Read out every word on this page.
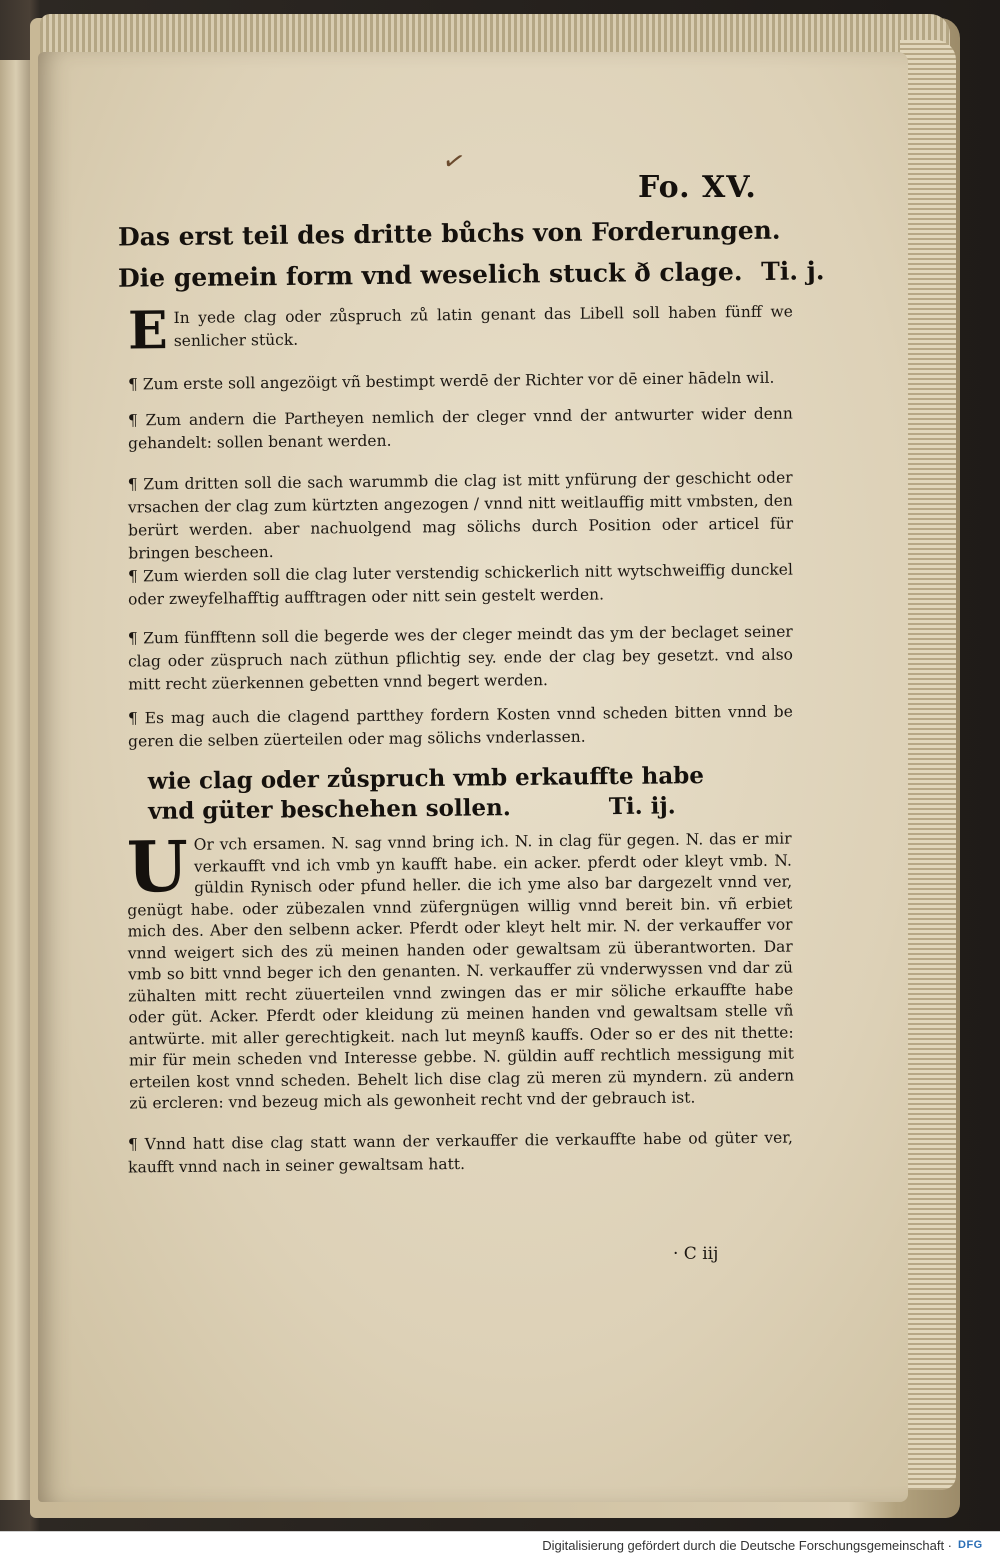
✓
Fo. XV.
Das erst teil des dritte bůchs von Forderungen.
Die gemein form vnd weselich stuck ð clage. Ti. j.
E In yede clag oder zůspruch zů latin genant das Libell soll haben fünff we senlicher stück.
¶ Zum erste soll angezöigt vñ bestimpt werdē der Richter vor dē einer hādeln wil.
¶ Zum andern die Partheyen nemlich der cleger vnnd der antwurter wider denn gehandelt: sollen benant werden.
¶ Zum dritten soll die sach warummb die clag ist mitt ynfürung der geschicht oder vrsachen der clag zum kürtzten angezogen / vnnd nitt weitlauffig mitt vmbsten, den berürt werden. aber nachuolgend mag sölichs durch Position oder articel für bringen bescheen.
¶ Zum wierden soll die clag luter verstendig schickerlich nitt wytschweiffig dunckel oder zweyfelhafftig aufftragen oder nitt sein gestelt werden.
¶ Zum fünfftenn soll die begerde wes der cleger meindt das ym der beclaget seiner clag oder züspruch nach züthun pflichtig sey. ende der clag bey gesetzt. vnd also mitt recht züerkennen gebetten vnnd begert werden.
¶ Es mag auch die clagend partthey fordern Kosten vnnd scheden bitten vnnd be geren die selben züerteilen oder mag sölichs vnderlassen.
wie clag oder zůspruch vmb erkauffte habe
vnd güter beschehen sollen.	Ti. ij.
U Or vch ersamen. N. sag vnnd bring ich. N. in clag für gegen. N. das er mir verkaufft vnd ich vmb yn kaufft habe. ein acker. pferdt oder kleyt vmb. N. güldin Rynisch oder pfund heller. die ich yme also bar dargezelt vnnd ver, genügt habe. oder zübezalen vnnd züfergnügen willig vnnd bereit bin. vñ erbiet mich des. Aber den selbenn acker. Pferdt oder kleyt helt mir. N. der verkauffer vor vnnd weigert sich des zü meinen handen oder gewaltsam zü überantworten. Dar vmb so bitt vnnd beger ich den genanten. N. verkauffer zü vnderwyssen vnd dar zü zühalten mitt recht züuerteilen vnnd zwingen das er mir söliche erkauffte habe oder güt. Acker. Pferdt oder kleidung zü meinen handen vnd gewaltsam stelle vñ antwürte. mit aller gerechtigkeit. nach lut meynß kauffs. Oder so er des nit thette: mir für mein scheden vnd Interesse gebbe. N. güldin auff rechtlich messigung mit erteilen kost vnnd scheden. Behelt lich dise clag zü meren zü myndern. zü andern zü ercleren: vnd bezeug mich als gewonheit recht vnd der gebrauch ist.
¶ Vnnd hatt dise clag statt wann der verkauffer die verkauffte habe od güter ver, kaufft vnnd nach in seiner gewaltsam hatt.
· C iij
Digitalisierung gefördert durch die Deutsche Forschungsgemeinschaft · DFG
